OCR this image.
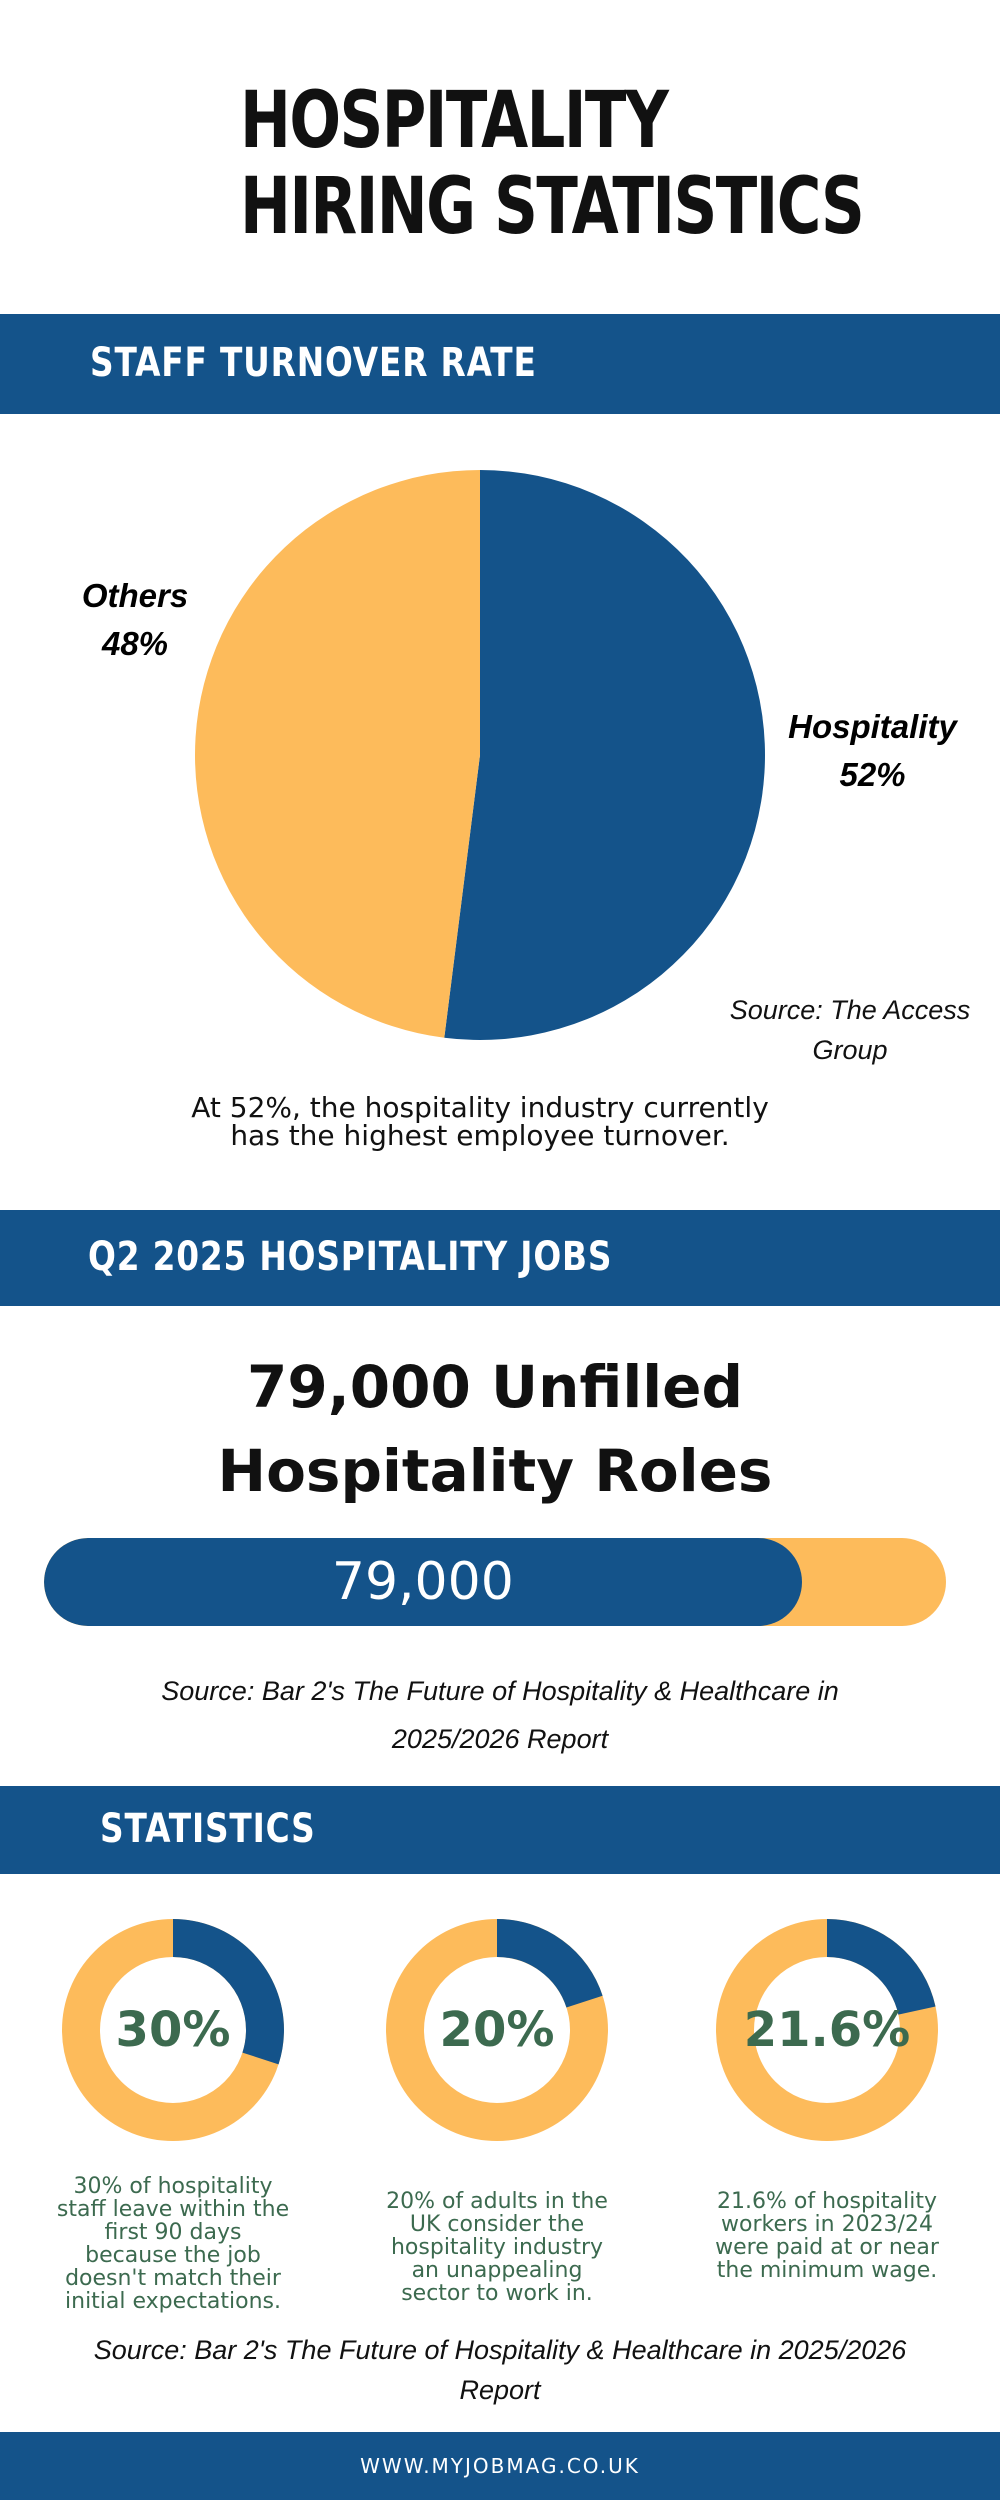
HOSPITALITY
HIRING STATISTICS
STAFF TURNOVER RATE
Others
48%
Hospitality
52%
Source: The Access
Group
At 52%, the hospitality industry currently
has the highest employee turnover.
Q2 2025 HOSPITALITY JOBS
79,000 Unfilled
Hospitality Roles
79,000
Source: Bar 2's The Future of Hospitality & Healthcare in
2025/2026 Report
STATISTICS
30%
30% of hospitality
staff leave within the
first 90 days
because the job
doesn't match their
initial expectations.
20%
20% of adults in the
UK consider the
hospitality industry
an unappealing
sector to work in.
21.6%
21.6% of hospitality
workers in 2023/24
were paid at or near
the minimum wage.
Source: Bar 2's The Future of Hospitality & Healthcare in 2025/2026
Report
WWW.MYJOBMAG.CO.UK
